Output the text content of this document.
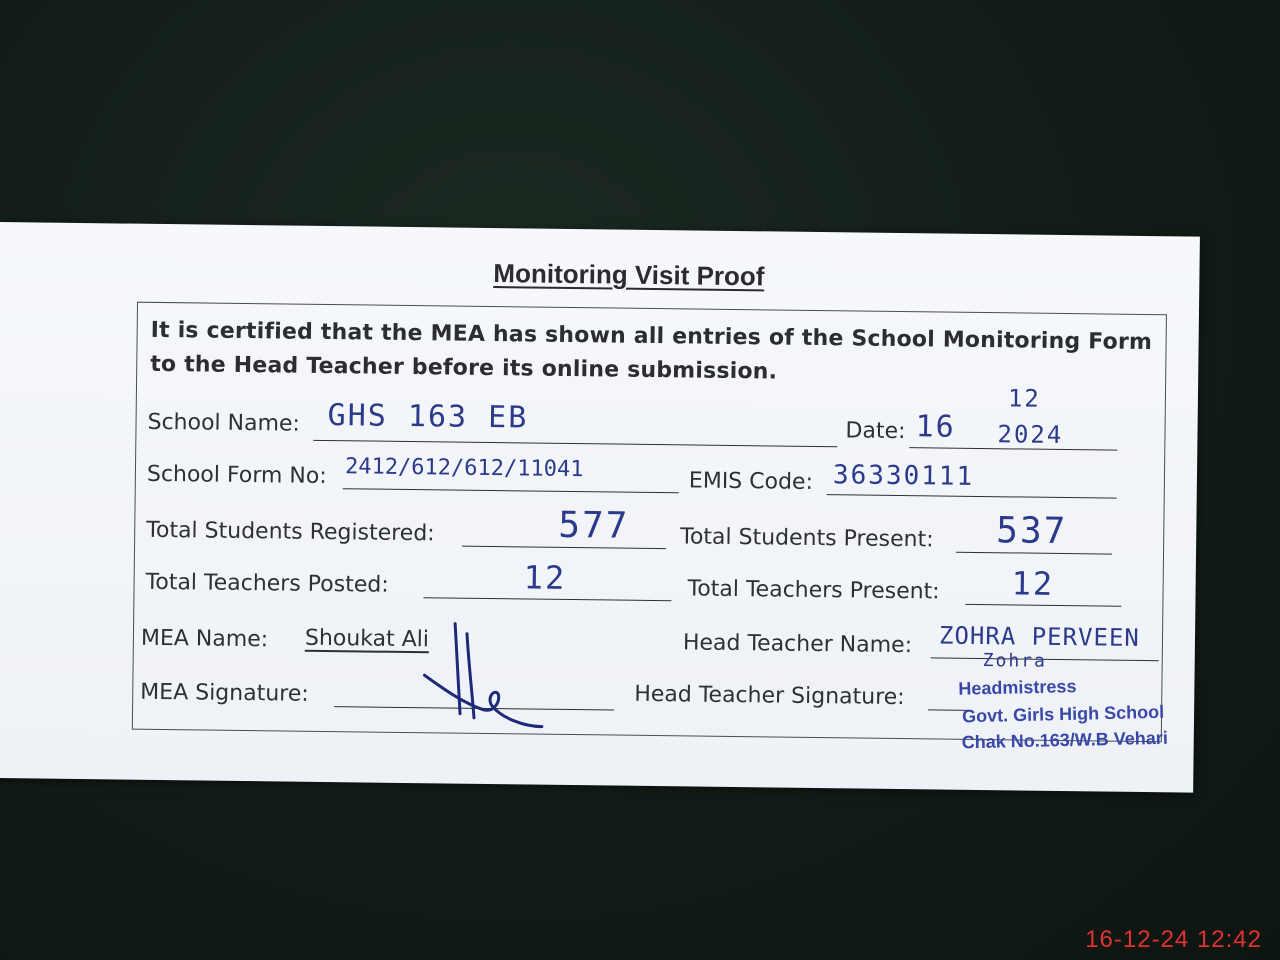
Monitoring Visit Proof
It is certified that the MEA has shown all entries of the School Monitoring Form to the Head Teacher before its online submission.
School Name: GHS 163 EB	Date: 16
12
2024
School Form No: 2412/612/612/11041	EMIS Code: 36330111
Total Students Registered:	577 Total Students Present: 537
Total Teachers Posted:	12	Total Teachers Present: 12
MEA Name: Shoukat Ali	Head Teacher Name: ZOHRA PERVEEN
MEA Signature:	Head Teacher Signature:
Zohra
Headmistress
Govt. Girls High School
Chak No.163/W.B Vehari
16-12-24 12:42
